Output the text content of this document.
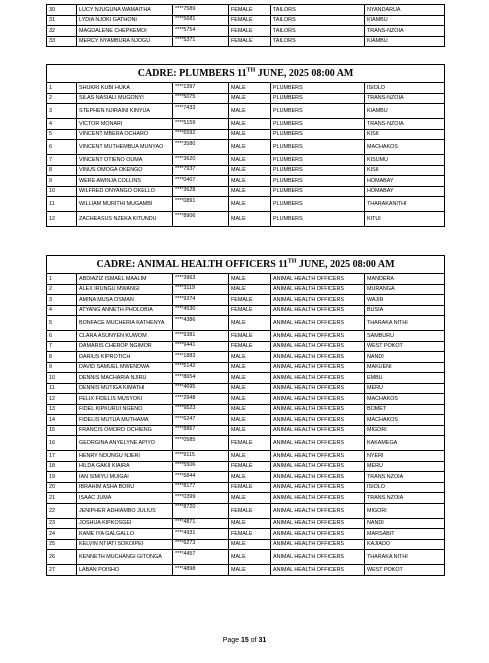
30	LUCY NJUGUNA WAMAITHA	****7589	FEMALE	TAILORS	NYANDARUA
31	LYDIA NJOKI GATHONI	****5681	FEMALE	TAILORS	KIAMBU
32	MAGDALENE CHEPKEMOI	****5754	FEMALE	TAILORS	TRANS-NZOIA
33	MERCY NYAMBURA NJOGU	****5371	FEMALE	TAILORS	KIAMBU
CADRE: PLUMBERS 11TH JUNE, 2025 08:00 AM					
1	SHUKRI KUBI HUKA	****1397	MALE	PLUMBERS	ISIOLO
2	SILAS NASIALI MUGONYI	****5075	MALE	PLUMBERS	TRANS-NZOIA
3	STEPHEN NJIRAINI KINYUA	****7433	MALE	PLUMBERS	KIAMBU
4	VICTOR MONARI	****5159	MALE	PLUMBERS	TRANS-NZOIA
5	VINCENT MBERA OCHARO	****6592	MALE	PLUMBERS	KISII
6	VINCENT MUTHEMBUA MUNYAO	****3580	MALE	PLUMBERS	MACHAKOS
7	VINCENT OTIENO OUMA	****3620	MALE	PLUMBERS	KISUMU
8	VINUS OMOGA OKENGO	****7937	MALE	PLUMBERS	KISII
9	WERE AWINJA COLLINS	****0407	MALE	PLUMBERS	HOMABAY
10	WILFRED ONYANGO OKELLO	****3628	MALE	PLUMBERS	HOMABAY
11	WILLIAM MURITHI MUGAMBI	****0891	MALE	PLUMBERS	THARAKANITHI
12	ZACHEASUS NZEKA KITUNDU	****8906	MALE	PLUMBERS	KITUI
CADRE: ANIMAL HEALTH OFFICERS 11TH JUNE, 2025 08:00 AM					
1	ABDIAZIZ ISMAEL MAALIM	****3963	MALE	ANIMAL HEALTH OFFICERS	MANDERA
2	ALEX IRUNGU MWANGI	****3119	MALE	ANIMAL HEALTH OFFICERS	MURANGA
3	AMINA MUSA OSMAN	****9374	FEMALE	ANIMAL HEALTH OFFICERS	WAJIR
4	ATYANG ANNETH PHOLOBIA	****4530	FEMALE	ANIMAL HEALTH OFFICERS	BUSIA
5	BONFACE MUCHERIA KATHENYA	****4386	MALE	ANIMAL HEALTH OFFICERS	THARAKA NITHI
6	CLARA ASUNYEN KUWOM	****9381	FEMALE	ANIMAL HEALTH OFFICERS	SAMBURU
7	DAMARIS CHEROP NGIMOR	****9441	FEMALE	ANIMAL HEALTH OFFICERS	WEST POKOT
8	DARIUS KIPROTICH	****1883	MALE	ANIMAL HEALTH OFFICERS	NANDI
9	DAVID SAMUEL MWENDWA	****5142	MALE	ANIMAL HEALTH OFFICERS	MAKUENI
10	DENNIS MACHARIA NJIRU	****8654	MALE	ANIMAL HEALTH OFFICERS	EMBU
11	DENNIS MUTIGA KIMATHI	****4695	MALE	ANIMAL HEALTH OFFICERS	MERU
12	FELIX FIDELIS MUSYOKI	****2948	MALE	ANIMAL HEALTH OFFICERS	MACHAKOS
13	FIDEL KIPKURUI NGENO	****9523	MALE	ANIMAL HEALTH OFFICERS	BOMET
14	FIDELIS MUTUA MUTHAMA	****6247	MALE	ANIMAL HEALTH OFFICERS	MACHAKOS
15	FRANCIS OMORO OCHIENG	****8867	MALE	ANIMAL HEALTH OFFICERS	MIGORI
16	GEORGINA ANYELYNE APIYO	****0585	FEMALE	ANIMAL HEALTH OFFICERS	KAKAMEGA
17	HENRY NDUNGU NJERI	****9115	MALE	ANIMAL HEALTH OFFICERS	NYERI
18	HILDA GAKII KIAIRA	****5506	FEMALE	ANIMAL HEALTH OFFICERS	MERU
19	IAN SIMIYU MUIGAI	****6844	MALE	ANIMAL HEALTH OFFICERS	TRANS NZOIA
20	IBRAHIM ASHA BORU	****8177	FEMALE	ANIMAL HEALTH OFFICERS	ISIOLO
21	ISAAC JUMA	****0399	MALE	ANIMAL HEALTH OFFICERS	TRANS NZOIA
22	JENIPHER ADHIAMBO JULIUS	****8720	FEMALE	ANIMAL HEALTH OFFICERS	MIGORI
23	JOSHUA KIPKOSGEI	****4871	MALE	ANIMAL HEALTH OFFICERS	NANDI
24	KAME IYA GALGALLO	****4931	FEMALE	ANIMAL HEALTH OFFICERS	MARSABIT
25	KELVIN NTIATI SOKOIPEI	****6273	MALE	ANIMAL HEALTH OFFICERS	KAJIADO
26	KENNETH MUCHANGI GITONGA	****4457	MALE	ANIMAL HEALTH OFFICERS	THARAKA NITHI
27	LABAN POISHO	****4898	MALE	ANIMAL HEALTH OFFICERS	WEST POKOT
Page 15 of 31
